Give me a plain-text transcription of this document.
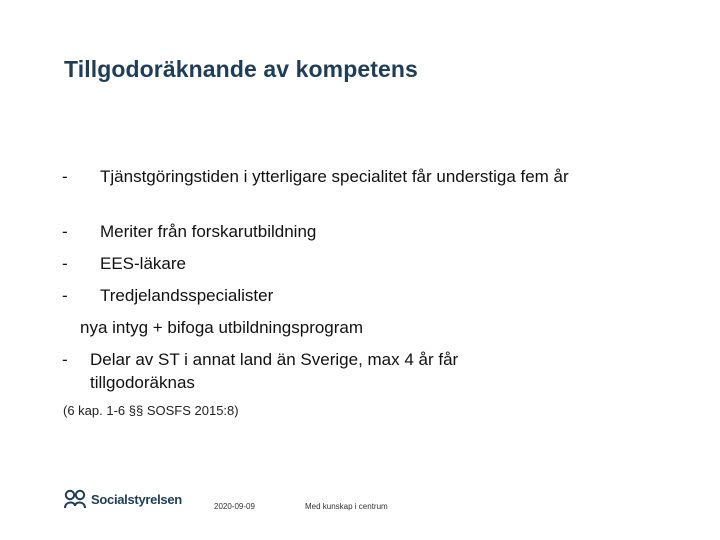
Tillgodoräknande av kompetens
- Tjänstgöringstiden i ytterligare specialitet får understiga fem år
- Meriter från forskarutbildning
- EES-läkare
- Tredjelandsspecialister
- Delar av ST i annat land än Sverige, max 4 år får tillgodoräknas
nya intyg + bifoga utbildningsprogram
(6 kap. 1-6 §§ SOSFS 2015:8)
Socialstyrelsen	2020-09-09	Med kunskap i centrum
